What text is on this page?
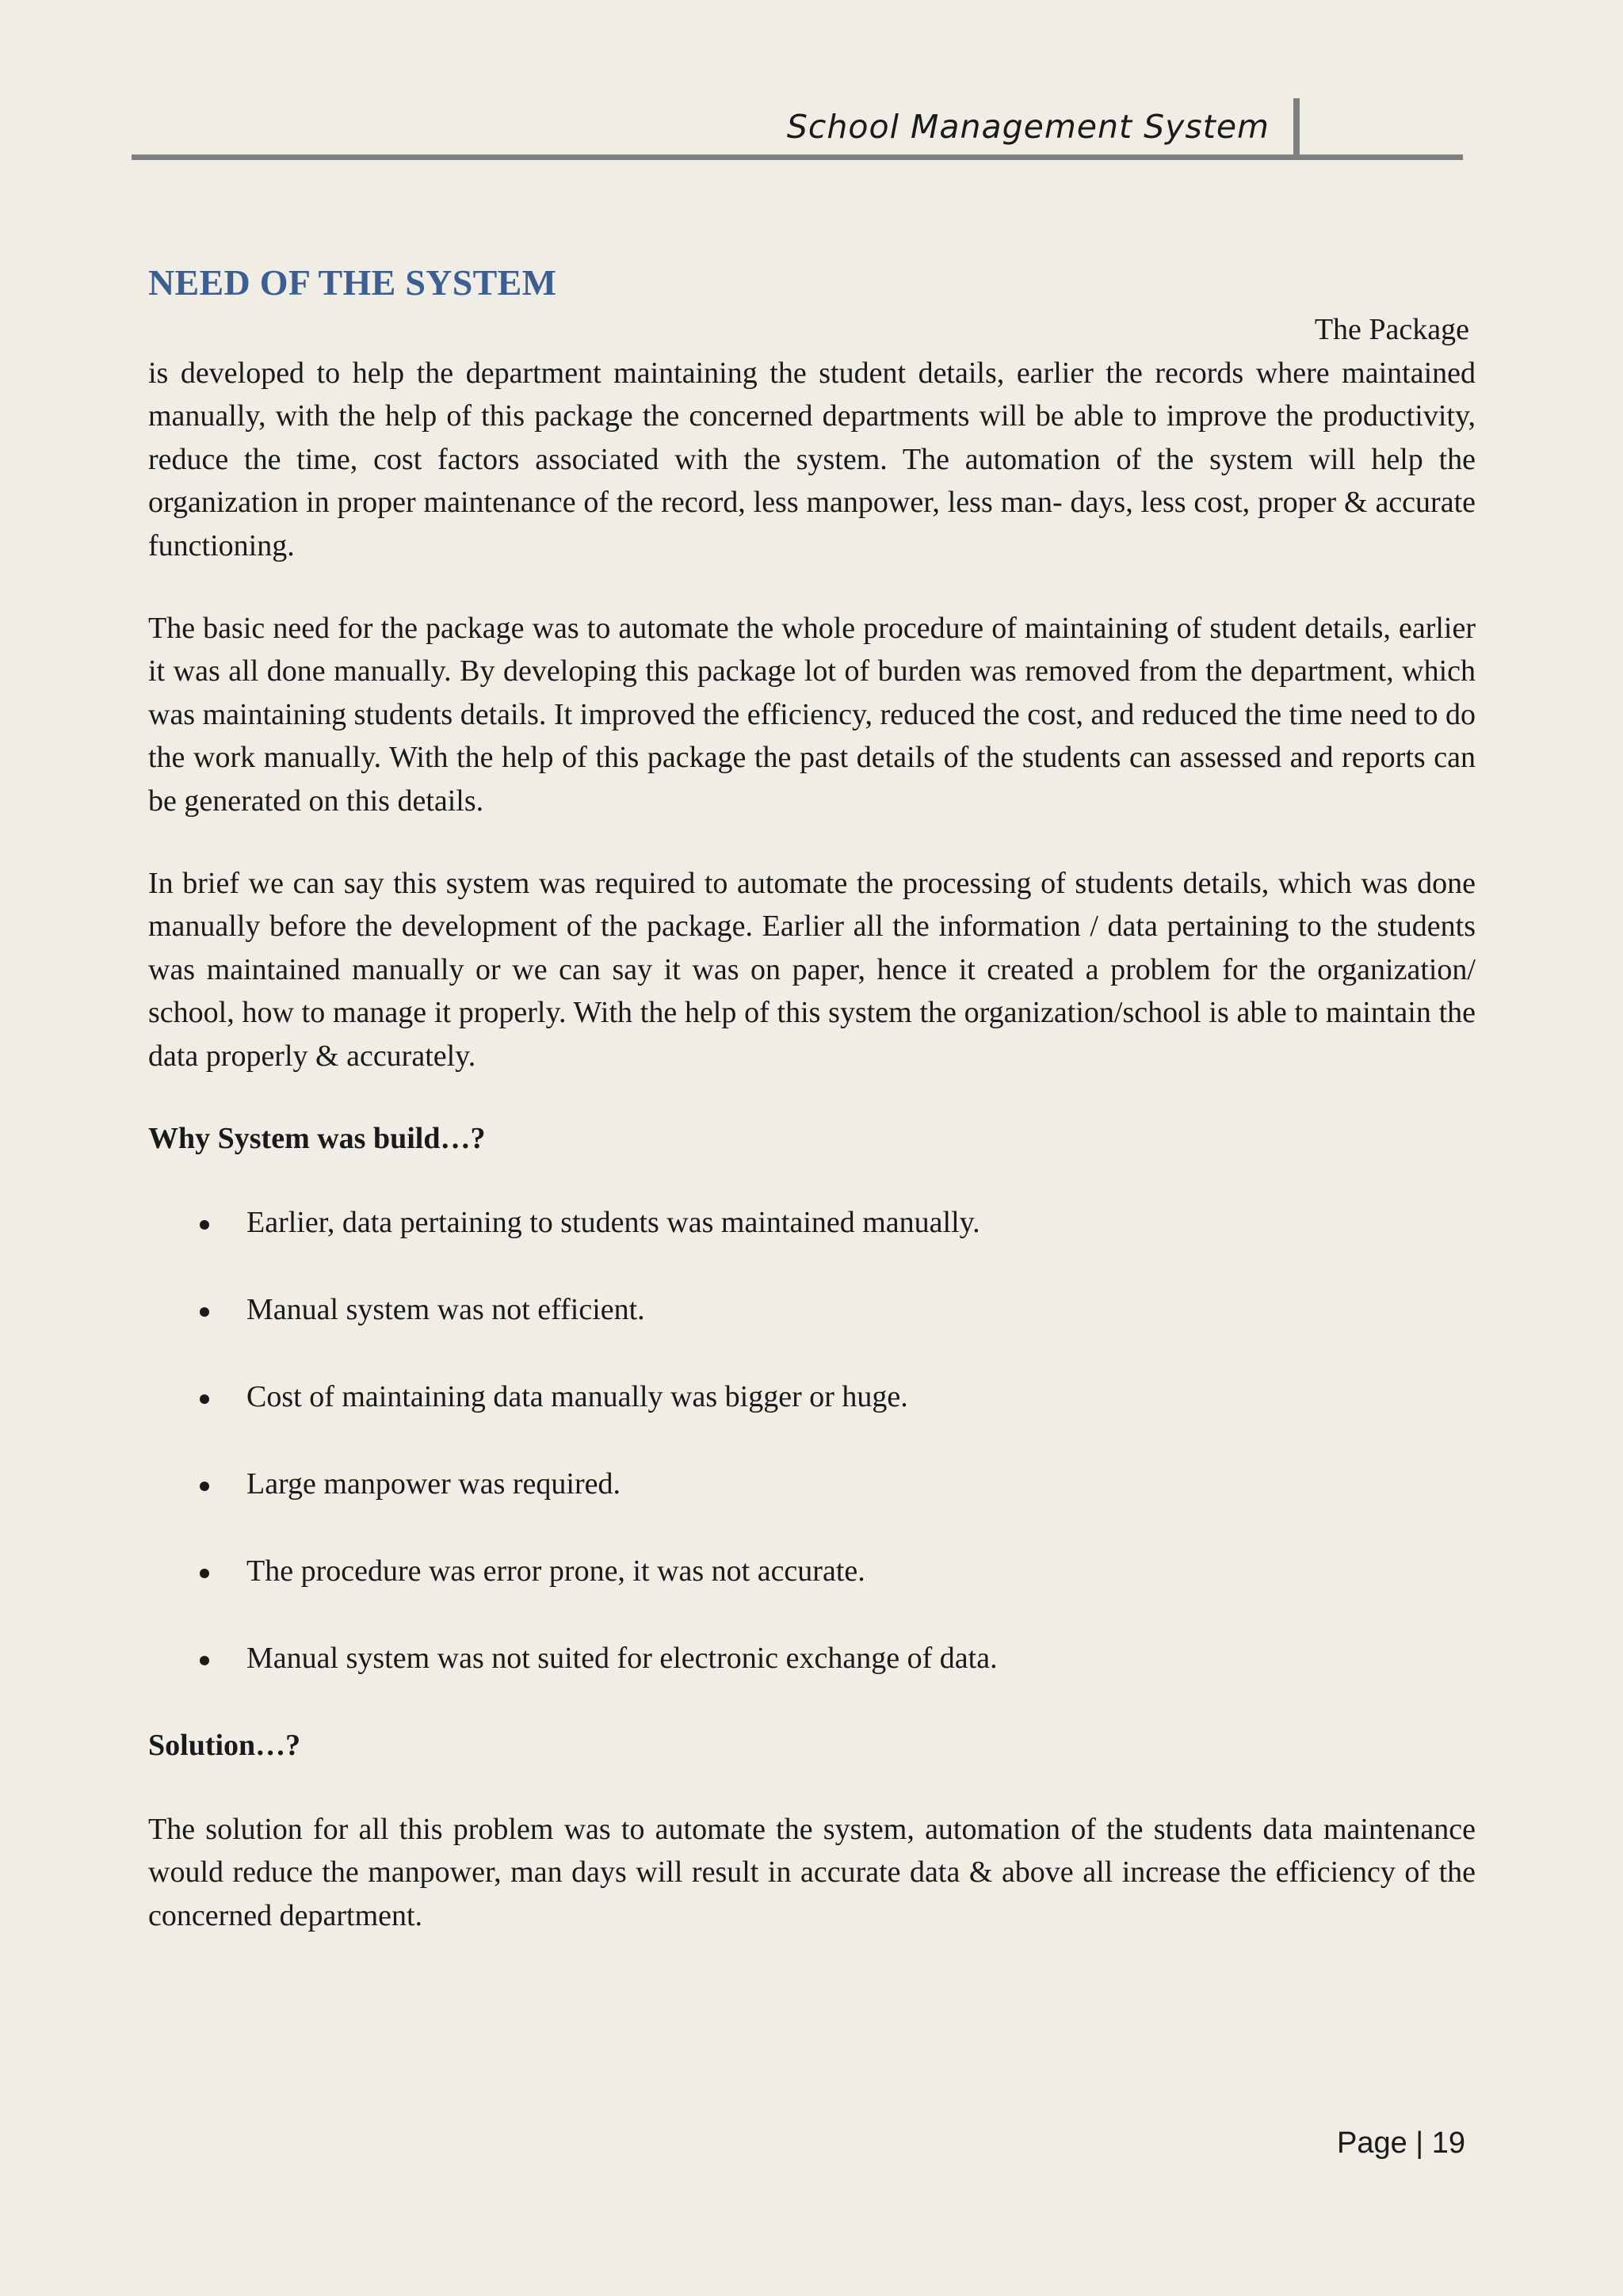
School Management System
NEED OF THE SYSTEM

The Package
is developed to help the department maintaining the student details, earlier the records where maintained manually, with the help of this package the concerned departments will be able to improve the productivity, reduce the time, cost factors associated with the system. The automation of the system will help the organization in proper maintenance of the record, less manpower, less man- days, less cost, proper & accurate functioning.

The basic need for the package was to automate the whole procedure of maintaining of student details, earlier it was all done manually. By developing this package lot of burden was removed from the department, which was maintaining students details. It improved the efficiency, reduced the cost, and reduced the time need to do the work manually. With the help of this package the past details of the students can assessed and reports can be generated on this details.

In brief we can say this system was required to automate the processing of students details, which was done manually before the development of the package. Earlier all the information / data pertaining to the students was maintained manually or we can say it was on paper, hence it created a problem for the organization/ school, how to manage it properly. With the help of this system the organization/school is able to maintain the data properly & accurately.

Why System was build…?

Earlier, data pertaining to students was maintained manually.
Manual system was not efficient.
Cost of maintaining data manually was bigger or huge.
Large manpower was required.
The procedure was error prone, it was not accurate.
Manual system was not suited for electronic exchange of data.

Solution…?

The solution for all this problem was to automate the system, automation of the students data maintenance would reduce the manpower, man days will result in accurate data & above all increase the efficiency of the concerned department.

Page | 19
